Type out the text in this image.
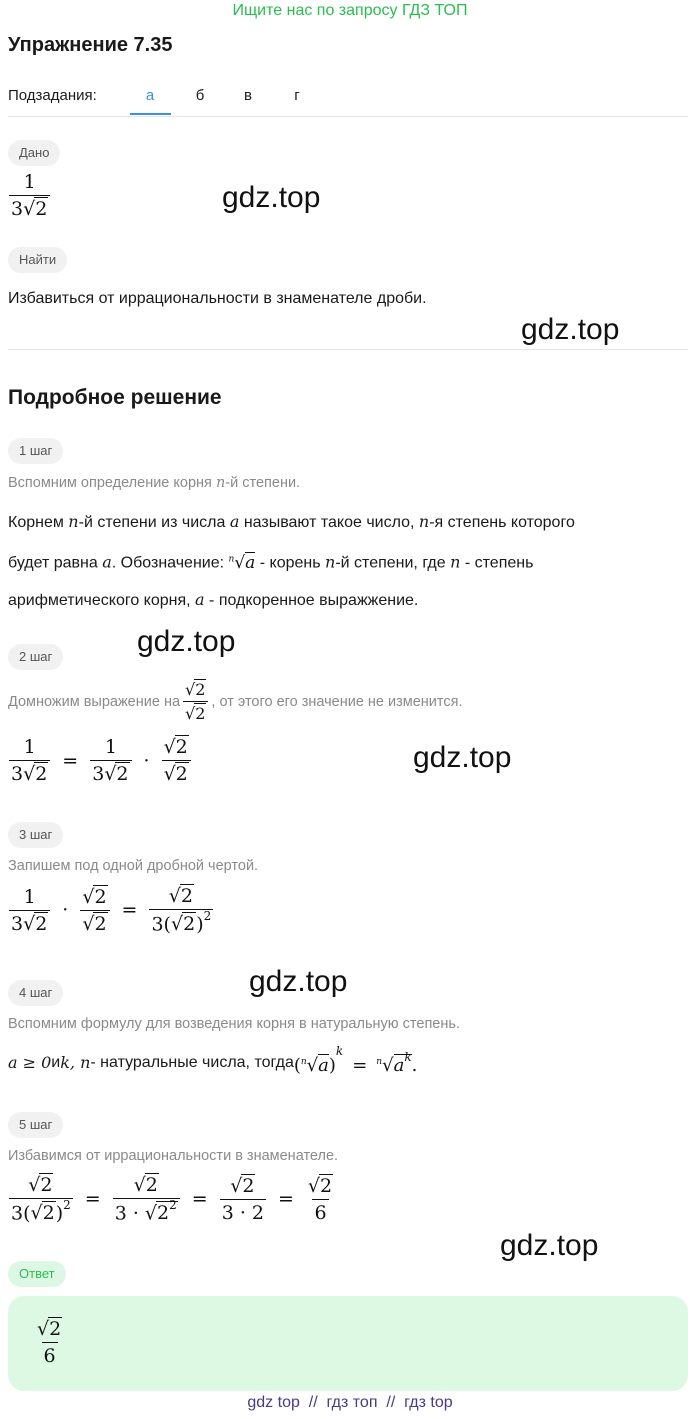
Ищите нас по запросу ГДЗ ТОП
Упражнение 7.35
Подзадания:	а	б	в	г
Дано
$\frac{1}{3√2}$	gdz.top
Найти
Избавиться от иррациональности в знаменателе дроби.
gdz.top
Подробное решение
1 шаг
Вспомним определение корня n-й степени.
Корнем n-й степени из числа a называют такое число, n-я степень которого
будет равна a. Обозначение: $^n$√a - корень n-й степени, где n - степень
арифметического корня, a - подкоренное выражжение.
gdz.top
2 шаг
Домножим выражение на $\frac{√2}{√2}$ , от этого его значение не изменится.
$\frac{1}{3√2} = \frac{1}{3√2} \cdot \frac{√2}{√2}$	gdz.top
3 шаг
Запишем под одной дробной чертой.
$\frac{1}{3√2} \cdot \frac{√2}{√2} = \frac{√2}{3(√2)^2}$
gdz.top
4 шаг
Вспомним формулу для возведения корня в натуральную степень.
a ≥ 0 и k, n - натуральные числа, тогда $(^n√a)^k= ^n√a^k$.
5 шаг
Избавимся от иррациональности в знаменателе.
$\frac{√2}{3(√2)^2} = \frac{√2}{3 \cdot √2^2} = \frac{√2}{3 \cdot 2} = \frac{√2}{6}$
gdz.top
Ответ
$\frac{√2}{6}$
gdz top  //  гдз топ  //  гдз top
